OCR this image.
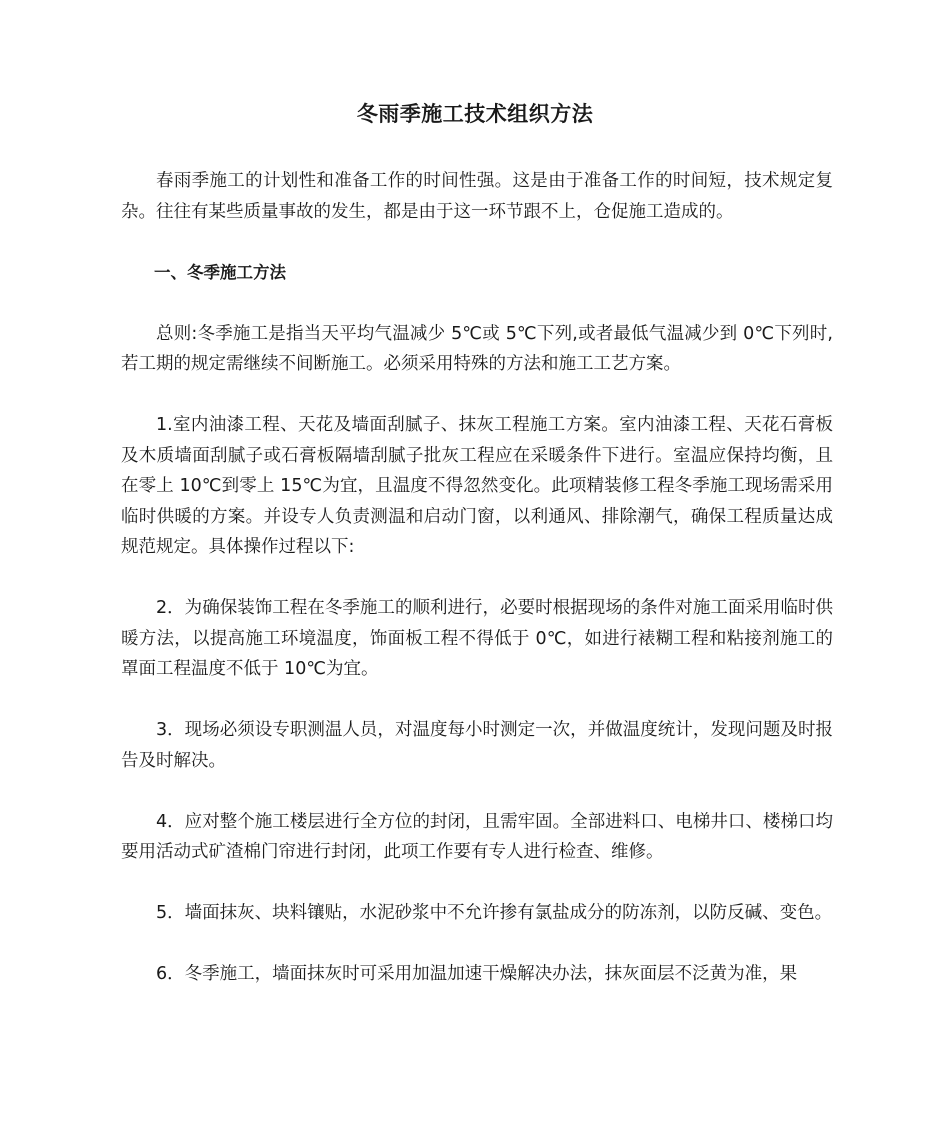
冬雨季施工技术组织方法

春雨季施工的计划性和准备工作的时间性强。这是由于准备工作的时间短，技术规定复杂。往往有某些质量事故的发生，都是由于这一环节跟不上，仓促施工造成的。

一、冬季施工方法

总则:冬季施工是指当天平均气温减少 5℃或 5℃下列,或者最低气温减少到 0℃下列时,若工期的规定需继续不间断施工。必须采用特殊的方法和施工工艺方案。

1.室内油漆工程、天花及墙面刮腻子、抹灰工程施工方案。室内油漆工程、天花石膏板及木质墙面刮腻子或石膏板隔墙刮腻子批灰工程应在采暖条件下进行。室温应保持均衡，且在零上 10℃到零上 15℃为宜，且温度不得忽然变化。此项精装修工程冬季施工现场需采用临时供暖的方案。并设专人负责测温和启动门窗，以利通风、排除潮气，确保工程质量达成规范规定。具体操作过程以下:

2．为确保装饰工程在冬季施工的顺利进行，必要时根据现场的条件对施工面采用临时供暖方法，以提高施工环境温度，饰面板工程不得低于 0℃，如进行裱糊工程和粘接剂施工的罩面工程温度不低于 10℃为宜。

3．现场必须设专职测温人员，对温度每小时测定一次，并做温度统计，发现问题及时报告及时解决。

4．应对整个施工楼层进行全方位的封闭，且需牢固。全部进料口、电梯井口、楼梯口均要用活动式矿渣棉门帘进行封闭，此项工作要有专人进行检查、维修。

5．墙面抹灰、块料镶贴，水泥砂浆中不允许掺有氯盐成分的防冻剂，以防反碱、变色。

6．冬季施工，墙面抹灰时可采用加温加速干燥解决办法，抹灰面层不泛黄为准，果
